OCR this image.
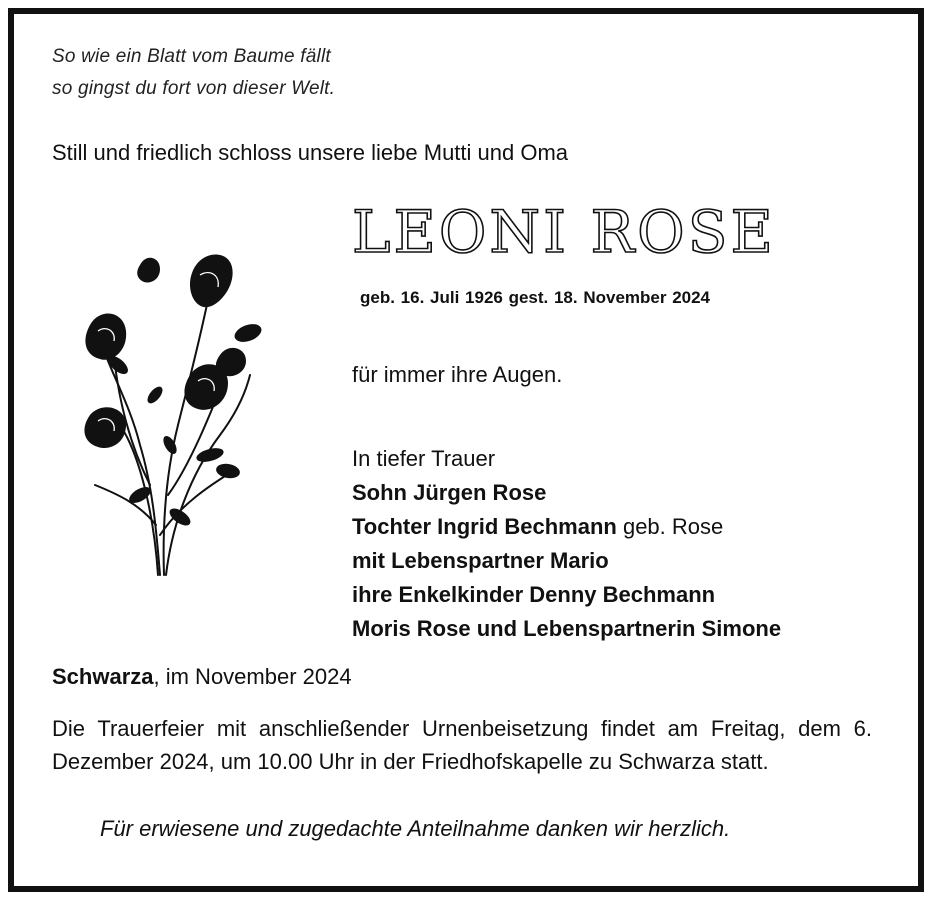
So wie ein Blatt vom Baume fällt
so gingst du fort von dieser Welt.
Still und friedlich schloss unsere liebe Mutti und Oma
LEONI ROSE
geb. 16. Juli 1926 gest. 18. November 2024
für immer ihre Augen.
In tiefer Trauer
Sohn Jürgen Rose
Tochter Ingrid Bechmann geb. Rose
mit Lebenspartner Mario
ihre Enkelkinder Denny Bechmann
Moris Rose und Lebenspartnerin Simone
Schwarza, im November 2024
Die Trauerfeier mit anschließender Urnenbeisetzung findet am Freitag, dem 6. Dezember 2024, um 10.00 Uhr in der Friedhofskapelle zu Schwarza statt.
Für erwiesene und zugedachte Anteilnahme danken wir herzlich.
